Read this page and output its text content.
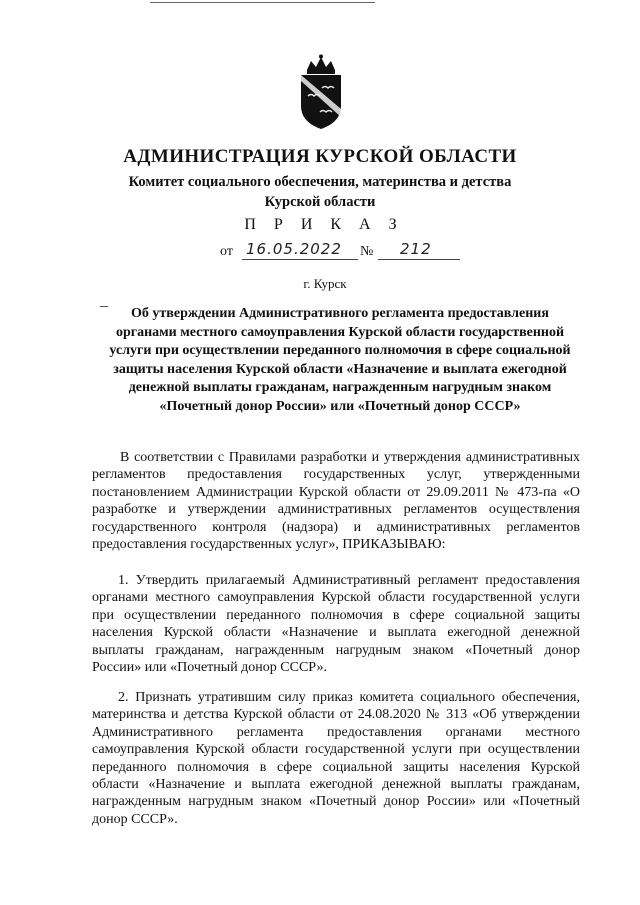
АДМИНИСТРАЦИЯ КУРСКОЙ ОБЛАСТИ
Комитет социального обеспечения, материнства и детства
Курской области
П Р И К А З
от 16.05.2022 № 212
г. Курск
Об утверждении Административного регламента предоставления органами местного самоуправления Курской области государственной услуги при осуществлении переданного полномочия в сфере социальной защиты населения Курской области «Назначение и выплата ежегодной денежной выплаты гражданам, награжденным нагрудным знаком «Почетный донор России» или «Почетный донор СССР»
В соответствии с Правилами разработки и утверждения административных регламентов предоставления государственных услуг, утвержденными постановлением Администрации Курской области от 29.09.2011 № 473-па «О разработке и утверждении административных регламентов осуществления государственного контроля (надзора) и административных регламентов предоставления государственных услуг», ПРИКАЗЫВАЮ:
1. Утвердить прилагаемый Административный регламент предоставления органами местного самоуправления Курской области государственной услуги при осуществлении переданного полномочия в сфере социальной защиты населения Курской области «Назначение и выплата ежегодной денежной выплаты гражданам, награжденным нагрудным знаком «Почетный донор России» или «Почетный донор СССР».
2. Признать утратившим силу приказ комитета социального обеспечения, материнства и детства Курской области от 24.08.2020 № 313 «Об утверждении Административного регламента предоставления органами местного самоуправления Курской области государственной услуги при осуществлении переданного полномочия в сфере социальной защиты населения Курской области «Назначение и выплата ежегодной денежной выплаты гражданам, награжденным нагрудным знаком «Почетный донор России» или «Почетный донор СССР».
